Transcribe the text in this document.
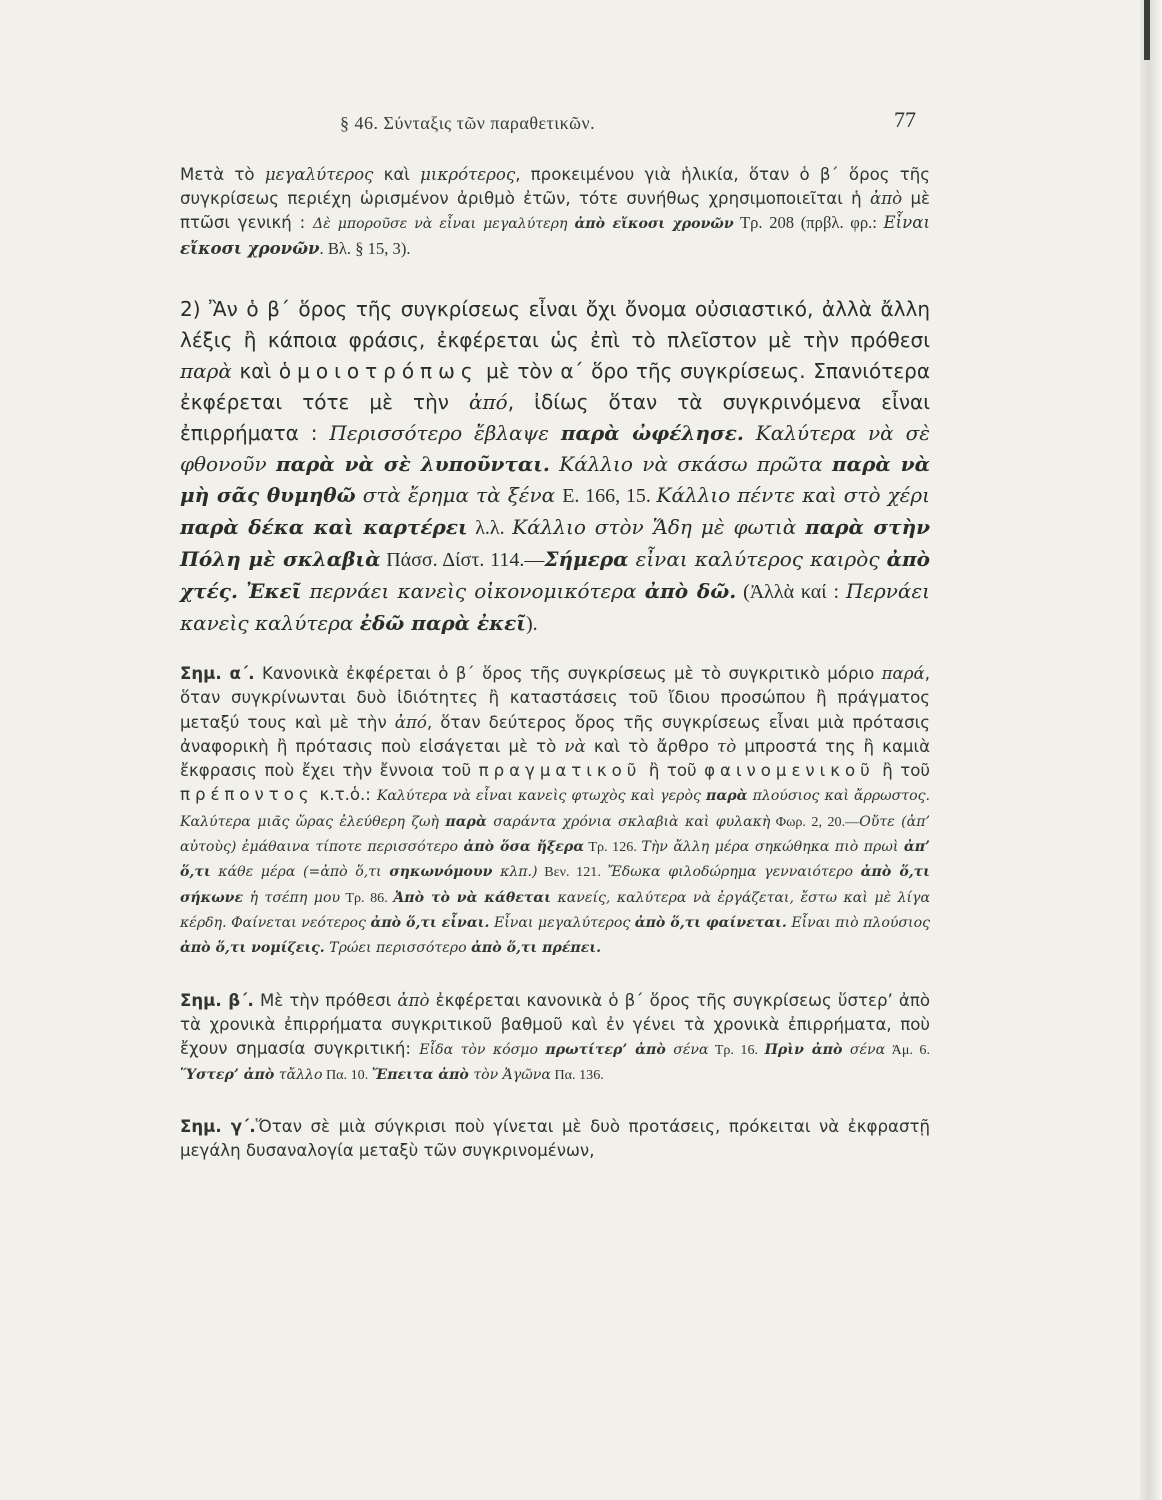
§ 46. Σύνταξις τῶν παραθετικῶν.	77

Μετὰ τὸ μεγαλύτερος καὶ μικρότερος, προκειμένου γιὰ ἡλικία, ὅταν ὁ β΄ ὅρος τῆς συγκρίσεως περιέχη ὡρισμένον ἀριθμὸ ἐτῶν, τότε συνήθως χρησιμοποιεῖται ἡ ἀπὸ μὲ πτῶσι γενική : Δὲ μποροῦσε νὰ εἶναι μεγαλύτερη ἀπὸ εἴκοσι χρονῶν Τρ. 208 (πρβλ. φρ.: Εἶναι εἴκοσι χρονῶν. Βλ. § 15, 3).

2) Ἂν ὁ β΄ ὅρος τῆς συγκρίσεως εἶναι ὄχι ὄνομα οὐσιαστικό, ἀλλὰ ἄλλη λέξις ἢ κάποια φράσις, ἐκφέρεται ὡς ἐπὶ τὸ πλεῖστον μὲ τὴν πρόθεσι παρὰ καὶ ὁμοιοτρόπως μὲ τὸν α΄ ὅρο τῆς συγκρίσεως. Σπανιότερα ἐκφέρεται τότε μὲ τὴν ἀπό, ἰδίως ὅταν τὰ συγκρινόμενα εἶναι ἐπιρρήματα : Περισσότερο ἔβλαψε παρὰ ὠφέλησε. Καλύτερα νὰ σὲ φθονοῦν παρὰ νὰ σὲ λυποῦνται. Κάλλιο νὰ σκάσω πρῶτα παρὰ νὰ μὴ σᾶς θυμηθῶ στὰ ἔρημα τὰ ξένα Ε. 166, 15. Κάλλιο πέντε καὶ στὸ χέρι παρὰ δέκα καὶ καρτέρει λ.λ. Κάλλιο στὸν Ἅδη μὲ φωτιὰ παρὰ στὴν Πόλη μὲ σκλαβιὰ Πάσσ. Δίστ. 114.—Σήμερα εἶναι καλύτερος καιρὸς ἀπὸ χτές. Ἐκεῖ περνάει κανεὶς οἰκονομικότερα ἀπὸ δῶ. (Ἀλλὰ καί : Περνάει κανεὶς καλύτερα ἐδῶ παρὰ ἐκεῖ).

Σημ. α΄. Κανονικὰ ἐκφέρεται ὁ β΄ ὅρος τῆς συγκρίσεως μὲ τὸ συγκριτικὸ μόριο παρά, ὅταν συγκρίνωνται δυὸ ἰδιότητες ἢ καταστάσεις τοῦ ἴδιου προσώπου ἢ πράγματος μεταξύ τους καὶ μὲ τὴν ἀπό, ὅταν δεύτερος ὅρος τῆς συγκρίσεως εἶναι μιὰ πρότασις ἀναφορικὴ ἢ πρότασις ποὺ εἰσάγεται μὲ τὸ νὰ καὶ τὸ ἄρθρο τὸ μπροστά της ἢ καμιὰ ἔκφρασις ποὺ ἔχει τὴν ἔννοια τοῦ πραγματικοῦ ἢ τοῦ φαινομενικοῦ ἢ τοῦ πρέποντος κ.τ.ὁ.: Καλύτερα νὰ εἶναι κανεὶς φτωχὸς καὶ γερὸς παρὰ πλούσιος καὶ ἄρρωστος. Καλύτερα μιᾶς ὥρας ἐλεύθερη ζωὴ παρὰ σαράντα χρόνια σκλαβιὰ καὶ φυλακὴ Φωρ. 2, 20.—Οὔτε (ἀπ’ αὐτοὺς) ἐμάθαινα τίποτε περισσότερο ἀπὸ ὅσα ἤξερα Τρ. 126. Τὴν ἄλλη μέρα σηκώθηκα πιὸ πρωὶ ἀπ’ ὅ,τι κάθε μέρα (=ἀπὸ ὅ,τι σηκωνόμουν κλπ.) Βεν. 121. Ἔδωκα φιλοδώρημα γενναιότερο ἀπὸ ὅ,τι σήκωνε ἡ τσέπη μου Τρ. 86. Ἀπὸ τὸ νὰ κάθεται κανείς, καλύτερα νὰ ἐργάζεται, ἔστω καὶ μὲ λίγα κέρδη. Φαίνεται νεότερος ἀπὸ ὅ,τι εἶναι. Εἶναι μεγαλύτερος ἀπὸ ὅ,τι φαίνεται. Εἶναι πιὸ πλούσιος ἀπὸ ὅ,τι νομίζεις. Τρώει περισσότερο ἀπὸ ὅ,τι πρέπει.

Σημ. β΄. Μὲ τὴν πρόθεσι ἀπὸ ἐκφέρεται κανονικὰ ὁ β΄ ὅρος τῆς συγκρίσεως ὕστερ’ ἀπὸ τὰ χρονικὰ ἐπιρρήματα συγκριτικοῦ βαθμοῦ καὶ ἐν γένει τὰ χρονικὰ ἐπιρρήματα, ποὺ ἔχουν σημασία συγκριτική: Εἶδα τὸν κόσμο πρωτίτερ’ ἀπὸ σένα Τρ. 16. Πρὶν ἀπὸ σένα Ἀμ. 6. Ὕστερ’ ἀπὸ τἄλλο Πα. 10. Ἔπειτα ἀπὸ τὸν Ἀγῶνα Πα. 136.

Σημ. γ΄.Ὅταν σὲ μιὰ σύγκρισι ποὺ γίνεται μὲ δυὸ προτάσεις, πρόκειται νὰ ἐκφραστῇ μεγάλη δυσαναλογία μεταξὺ τῶν συγκρινομένων,
